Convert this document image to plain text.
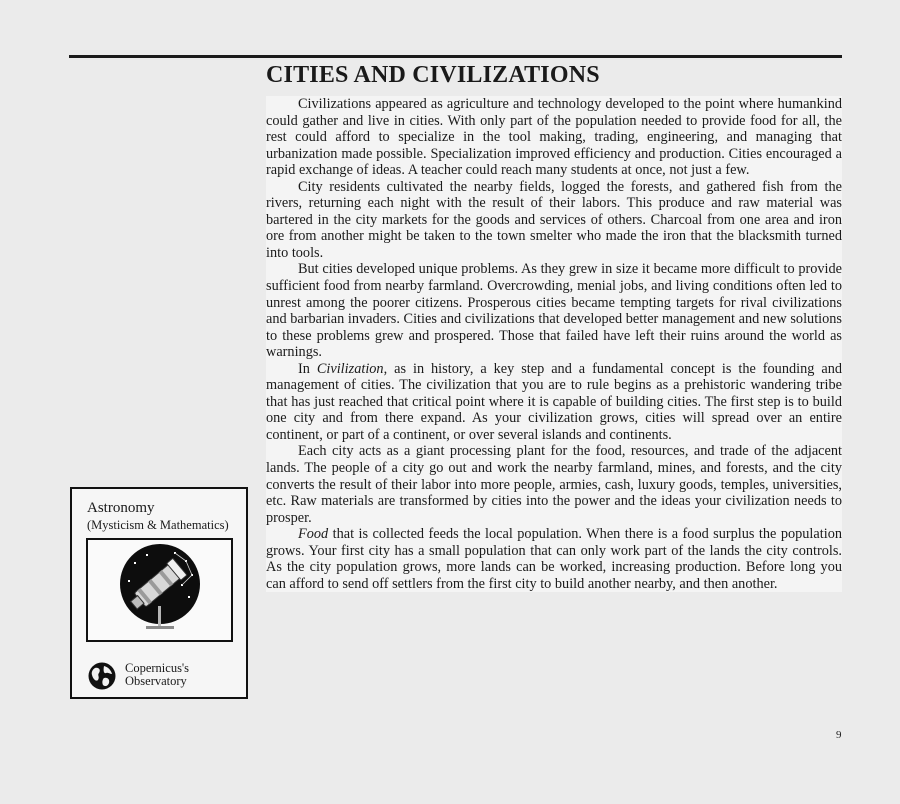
CITIES AND CIVILIZATIONS

Civilizations appeared as agriculture and technology developed to the point where humankind could gather and live in cities. With only part of the population needed to provide food for all, the rest could afford to specialize in the tool making, trading, engineering, and managing that urbanization made possible. Specialization improved efficiency and production. Cities encouraged a rapid exchange of ideas. A teacher could reach many students at once, not just a few.

City residents cultivated the nearby fields, logged the forests, and gathered fish from the rivers, returning each night with the result of their labors. This produce and raw material was bartered in the city markets for the goods and services of others. Charcoal from one area and iron ore from another might be taken to the town smelter who made the iron that the blacksmith turned into tools.

But cities developed unique problems. As they grew in size it became more difficult to provide sufficient food from nearby farmland. Overcrowding, menial jobs, and living conditions often led to unrest among the poorer citizens. Prosperous cities became tempting targets for rival civilizations and barbarian invaders. Cities and civilizations that developed better management and new solutions to these problems grew and prospered. Those that failed have left their ruins around the world as warnings.

In Civilization, as in history, a key step and a fundamental concept is the founding and management of cities. The civilization that you are to rule begins as a prehistoric wandering tribe that has just reached that critical point where it is capable of building cities. The first step is to build one city and from there expand. As your civilization grows, cities will spread over an entire continent, or part of a continent, or over several islands and continents.

Each city acts as a giant processing plant for the food, resources, and trade of the adjacent lands. The people of a city go out and work the nearby farmland, mines, and forests, and the city converts the result of their labor into more people, armies, cash, luxury goods, temples, universities, etc. Raw materials are transformed by cities into the power and the ideas your civilization needs to prosper.

Food that is collected feeds the local population. When there is a food surplus the population grows. Your first city has a small population that can only work part of the lands the city controls. As the city population grows, more lands can be worked, increasing production. Before long you can afford to send off settlers from the first city to build another nearby, and then another.

Astronomy
(Mysticism & Mathematics)
Copernicus's
Observatory
9
